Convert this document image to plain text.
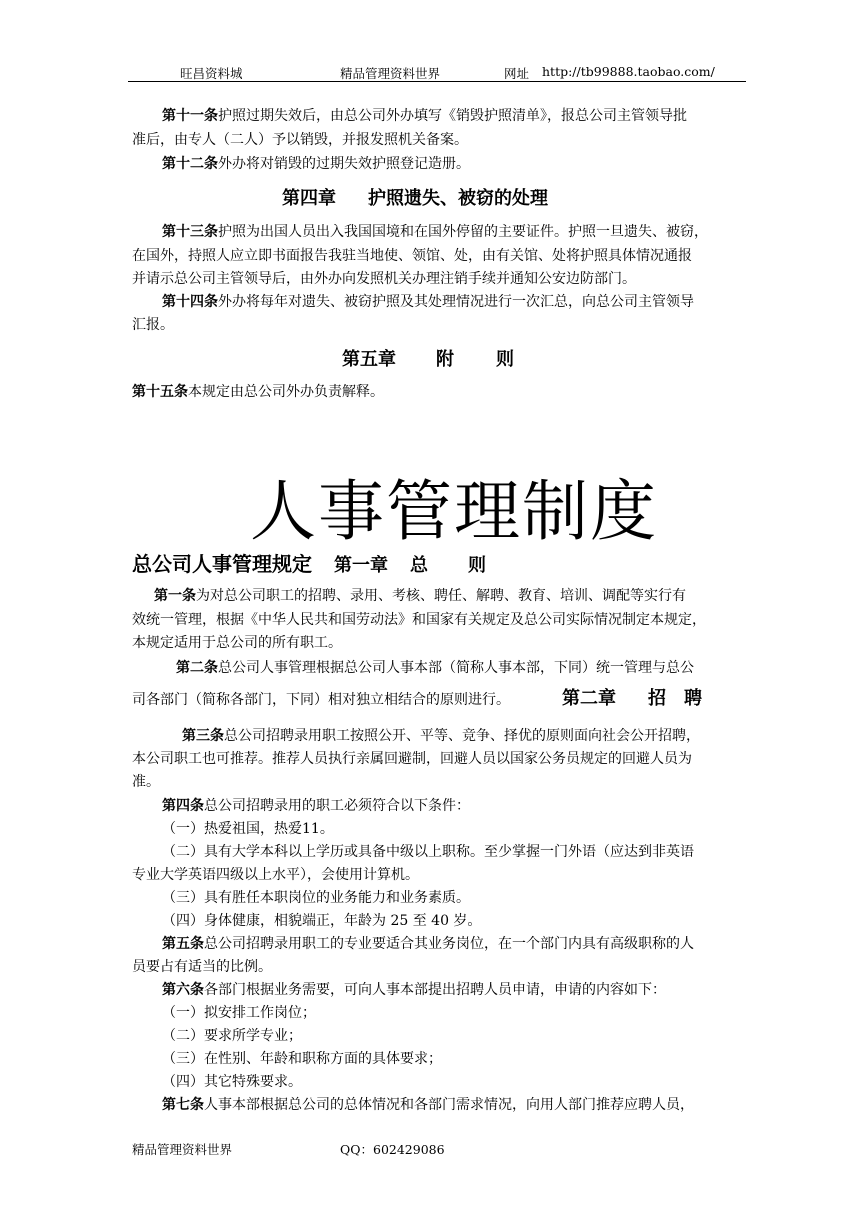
旺昌资料城	精品管理资料世界	网址 http://tb99888.taobao.com/
第十一条护照过期失效后，由总公司外办填写《销毁护照清单》，报总公司主管领导批
准后，由专人（二人）予以销毁，并报发照机关备案。
第十二条外办将对销毁的过期失效护照登记造册。
第四章 护照遗失、被窃的处理
第十三条护照为出国人员出入我国国境和在国外停留的主要证件。护照一旦遗失、被窃，
在国外，持照人应立即书面报告我驻当地使、领馆、处，由有关馆、处将护照具体情况通报
并请示总公司主管领导后，由外办向发照机关办理注销手续并通知公安边防部门。
第十四条外办将每年对遗失、被窃护照及其处理情况进行一次汇总，向总公司主管领导
汇报。
第五章 附 则
第十五条本规定由总公司外办负责解释。
人事管理制度
总公司人事管理规定 第一章 总 则
第一条为对总公司职工的招聘、录用、考核、聘任、解聘、教育、培训、调配等实行有
效统一管理，根据《中华人民共和国劳动法》和国家有关规定及总公司实际情况制定本规定，
本规定适用于总公司的所有职工。
第二条总公司人事管理根据总公司人事本部（简称人事本部，下同）统一管理与总公
司各部门（简称各部门，下同）相对独立相结合的原则进行。	第二章 招　聘
第三条总公司招聘录用职工按照公开、平等、竞争、择优的原则面向社会公开招聘，
本公司职工也可推荐。推荐人员执行亲属回避制，回避人员以国家公务员规定的回避人员为
准。
第四条总公司招聘录用的职工必须符合以下条件：
（一）热爱祖国，热爱11。
（二）具有大学本科以上学历或具备中级以上职称。至少掌握一门外语（应达到非英语
专业大学英语四级以上水平），会使用计算机。
（三）具有胜任本职岗位的业务能力和业务素质。
（四）身体健康，相貌端正，年龄为 25 至 40 岁。
第五条总公司招聘录用职工的专业要适合其业务岗位，在一个部门内具有高级职称的人
员要占有适当的比例。
第六条各部门根据业务需要，可向人事本部提出招聘人员申请，申请的内容如下：
（一）拟安排工作岗位；
（二）要求所学专业；
（三）在性别、年龄和职称方面的具体要求；
（四）其它特殊要求。
第七条人事本部根据总公司的总体情况和各部门需求情况，向用人部门推荐应聘人员，
精品管理资料世界	QQ：602429086
